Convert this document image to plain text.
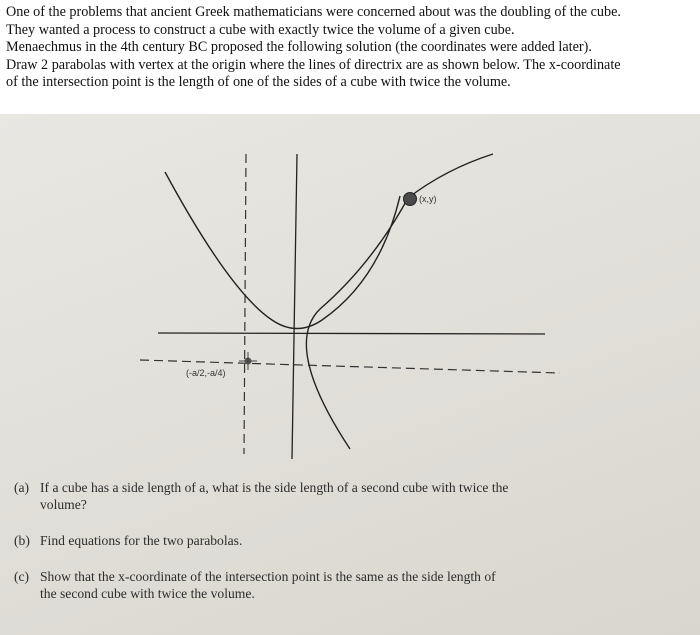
One of the problems that ancient Greek mathematicians were concerned about was the doubling of the cube.
They wanted a process to construct a cube with exactly twice the volume of a given cube.
Menaechmus in the 4th century BC proposed the following solution (the coordinates were added later).
Draw 2 parabolas with vertex at the origin where the lines of directrix are as shown below. The x-coordinate
of the intersection point is the length of one of the sides of a cube with twice the volume.
(-a/2,-a/4)
(x,y)
(a) If a cube has a side length of a, what is the side length of a second cube with twice the
volume?
(b) Find equations for the two parabolas.
(c) Show that the x-coordinate of the intersection point is the same as the side length of
the second cube with twice the volume.
